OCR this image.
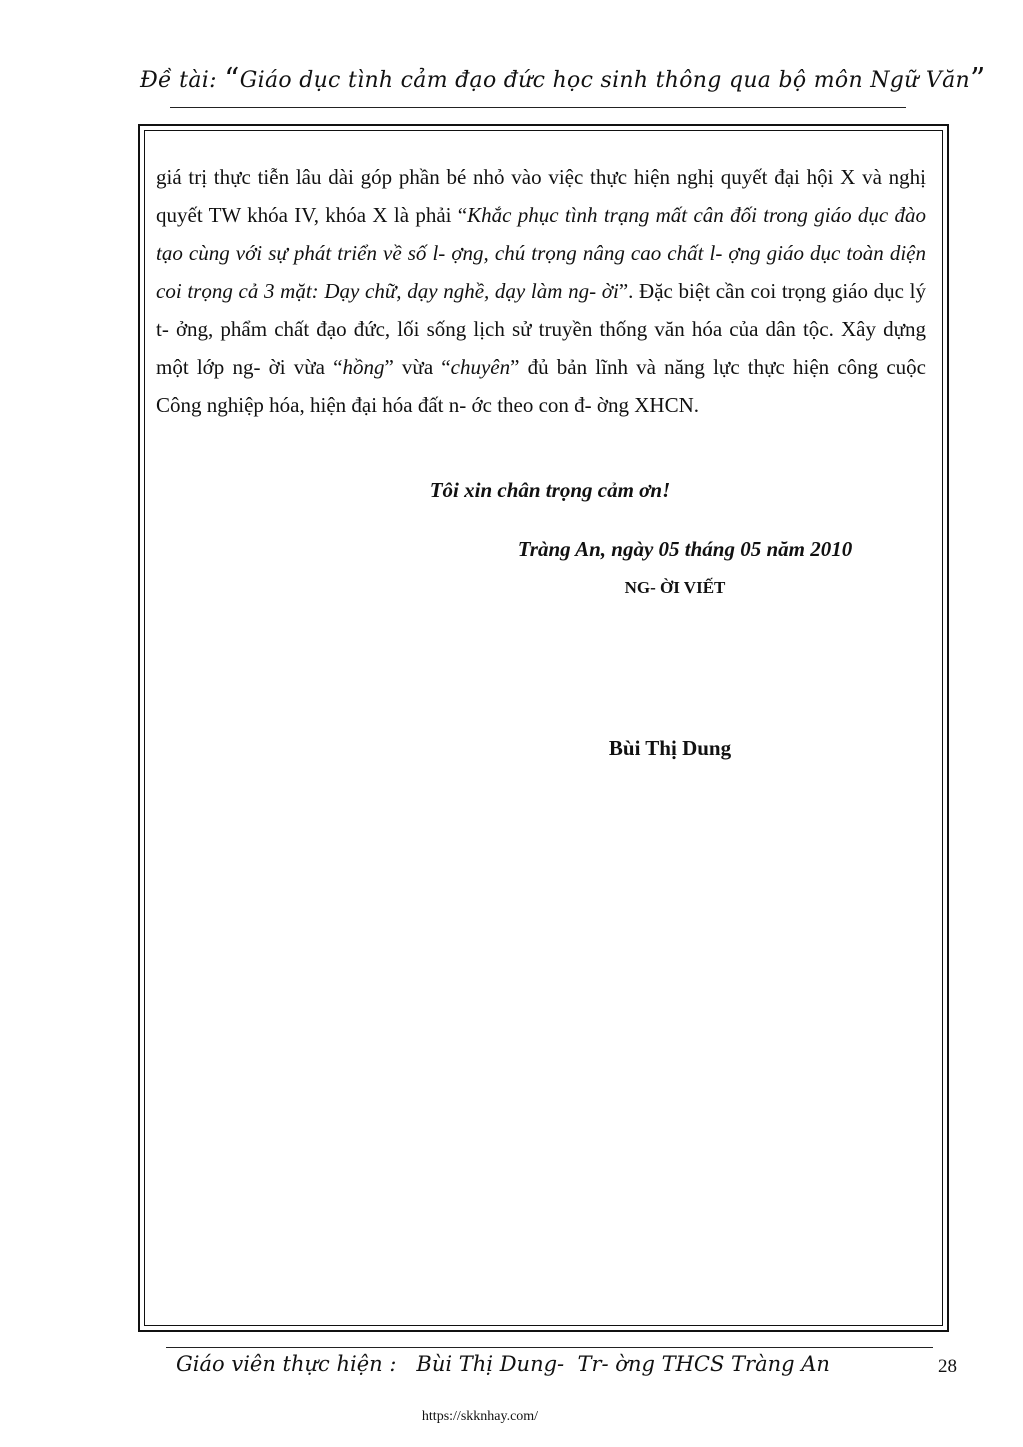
Đề tài: “Giáo dục tình cảm đạo đức học sinh thông qua bộ môn Ngữ Văn”

giá trị thực tiễn lâu dài góp phần bé nhỏ vào việc thực hiện nghị quyết đại hội X và nghị quyết TW khóa IV, khóa X là phải “Khắc phục tình trạng mất cân đối trong giáo dục đào tạo cùng với sự phát triển về số l- ợng, chú trọng nâng cao chất l- ợng giáo dục toàn diện coi trọng cả 3 mặt: Dạy chữ, dạy nghề, dạy làm ng- ời”. Đặc biệt cần coi trọng giáo dục lý t- ởng, phẩm chất đạo đức, lối sống lịch sử truyền thống văn hóa của dân tộc. Xây dựng một lớp ng- ời vừa “hồng” vừa “chuyên” đủ bản lĩnh và năng lực thực hiện công cuộc Công nghiệp hóa, hiện đại hóa đất n- ớc theo con đ- ờng XHCN.

Tôi xin chân trọng cảm ơn!
Tràng An, ngày 05 tháng 05 năm 2010
NG- ỜI VIẾT
Bùi Thị Dung
Giáo viên thực hiện :   Bùi Thị Dung-  Tr- ờng THCS Tràng An	28
https://skknhay.com/
